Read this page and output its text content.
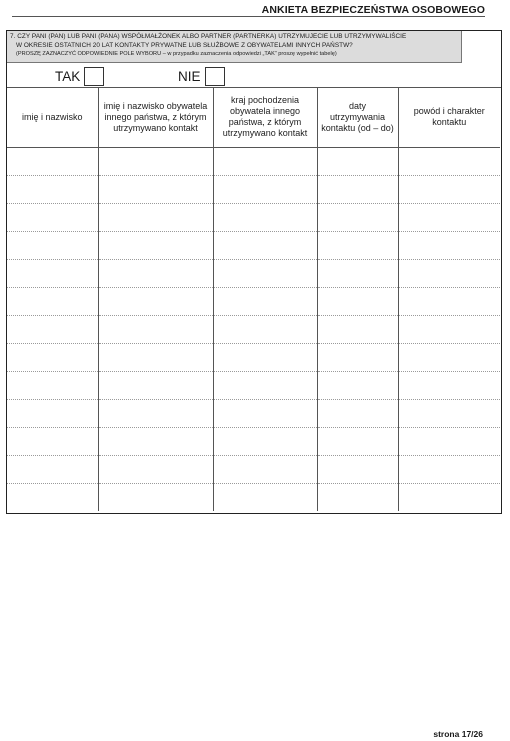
ANKIETA BEZPIECZEŃSTWA OSOBOWEGO
7. CZY PANI (PAN) LUB PANI (PANA) WSPÓŁMAŁŻONEK ALBO PARTNER (PARTNERKA) UTRZYMUJECIE LUB UTRZYMYWALIŚCIE
W OKRESIE OSTATNICH 20 LAT KONTAKTY PRYWATNE LUB SŁUŻBOWE Z OBYWATELAMI INNYCH PAŃSTW?
(PROSZĘ ZAZNACZYĆ ODPOWIEDNIE POLE WYBORU – w przypadku zaznaczenia odpowiedzi „TAK” proszę wypełnić tabelę)
TAK	NIE
imię i nazwisko	imię i nazwisko obywatela innego państwa, z którym utrzymywano kontakt	kraj pochodzenia obywatela innego państwa, z którym utrzymywano kontakt	daty utrzymywania kontaktu (od – do)	powód i charakter kontaktu

strona 17/26
